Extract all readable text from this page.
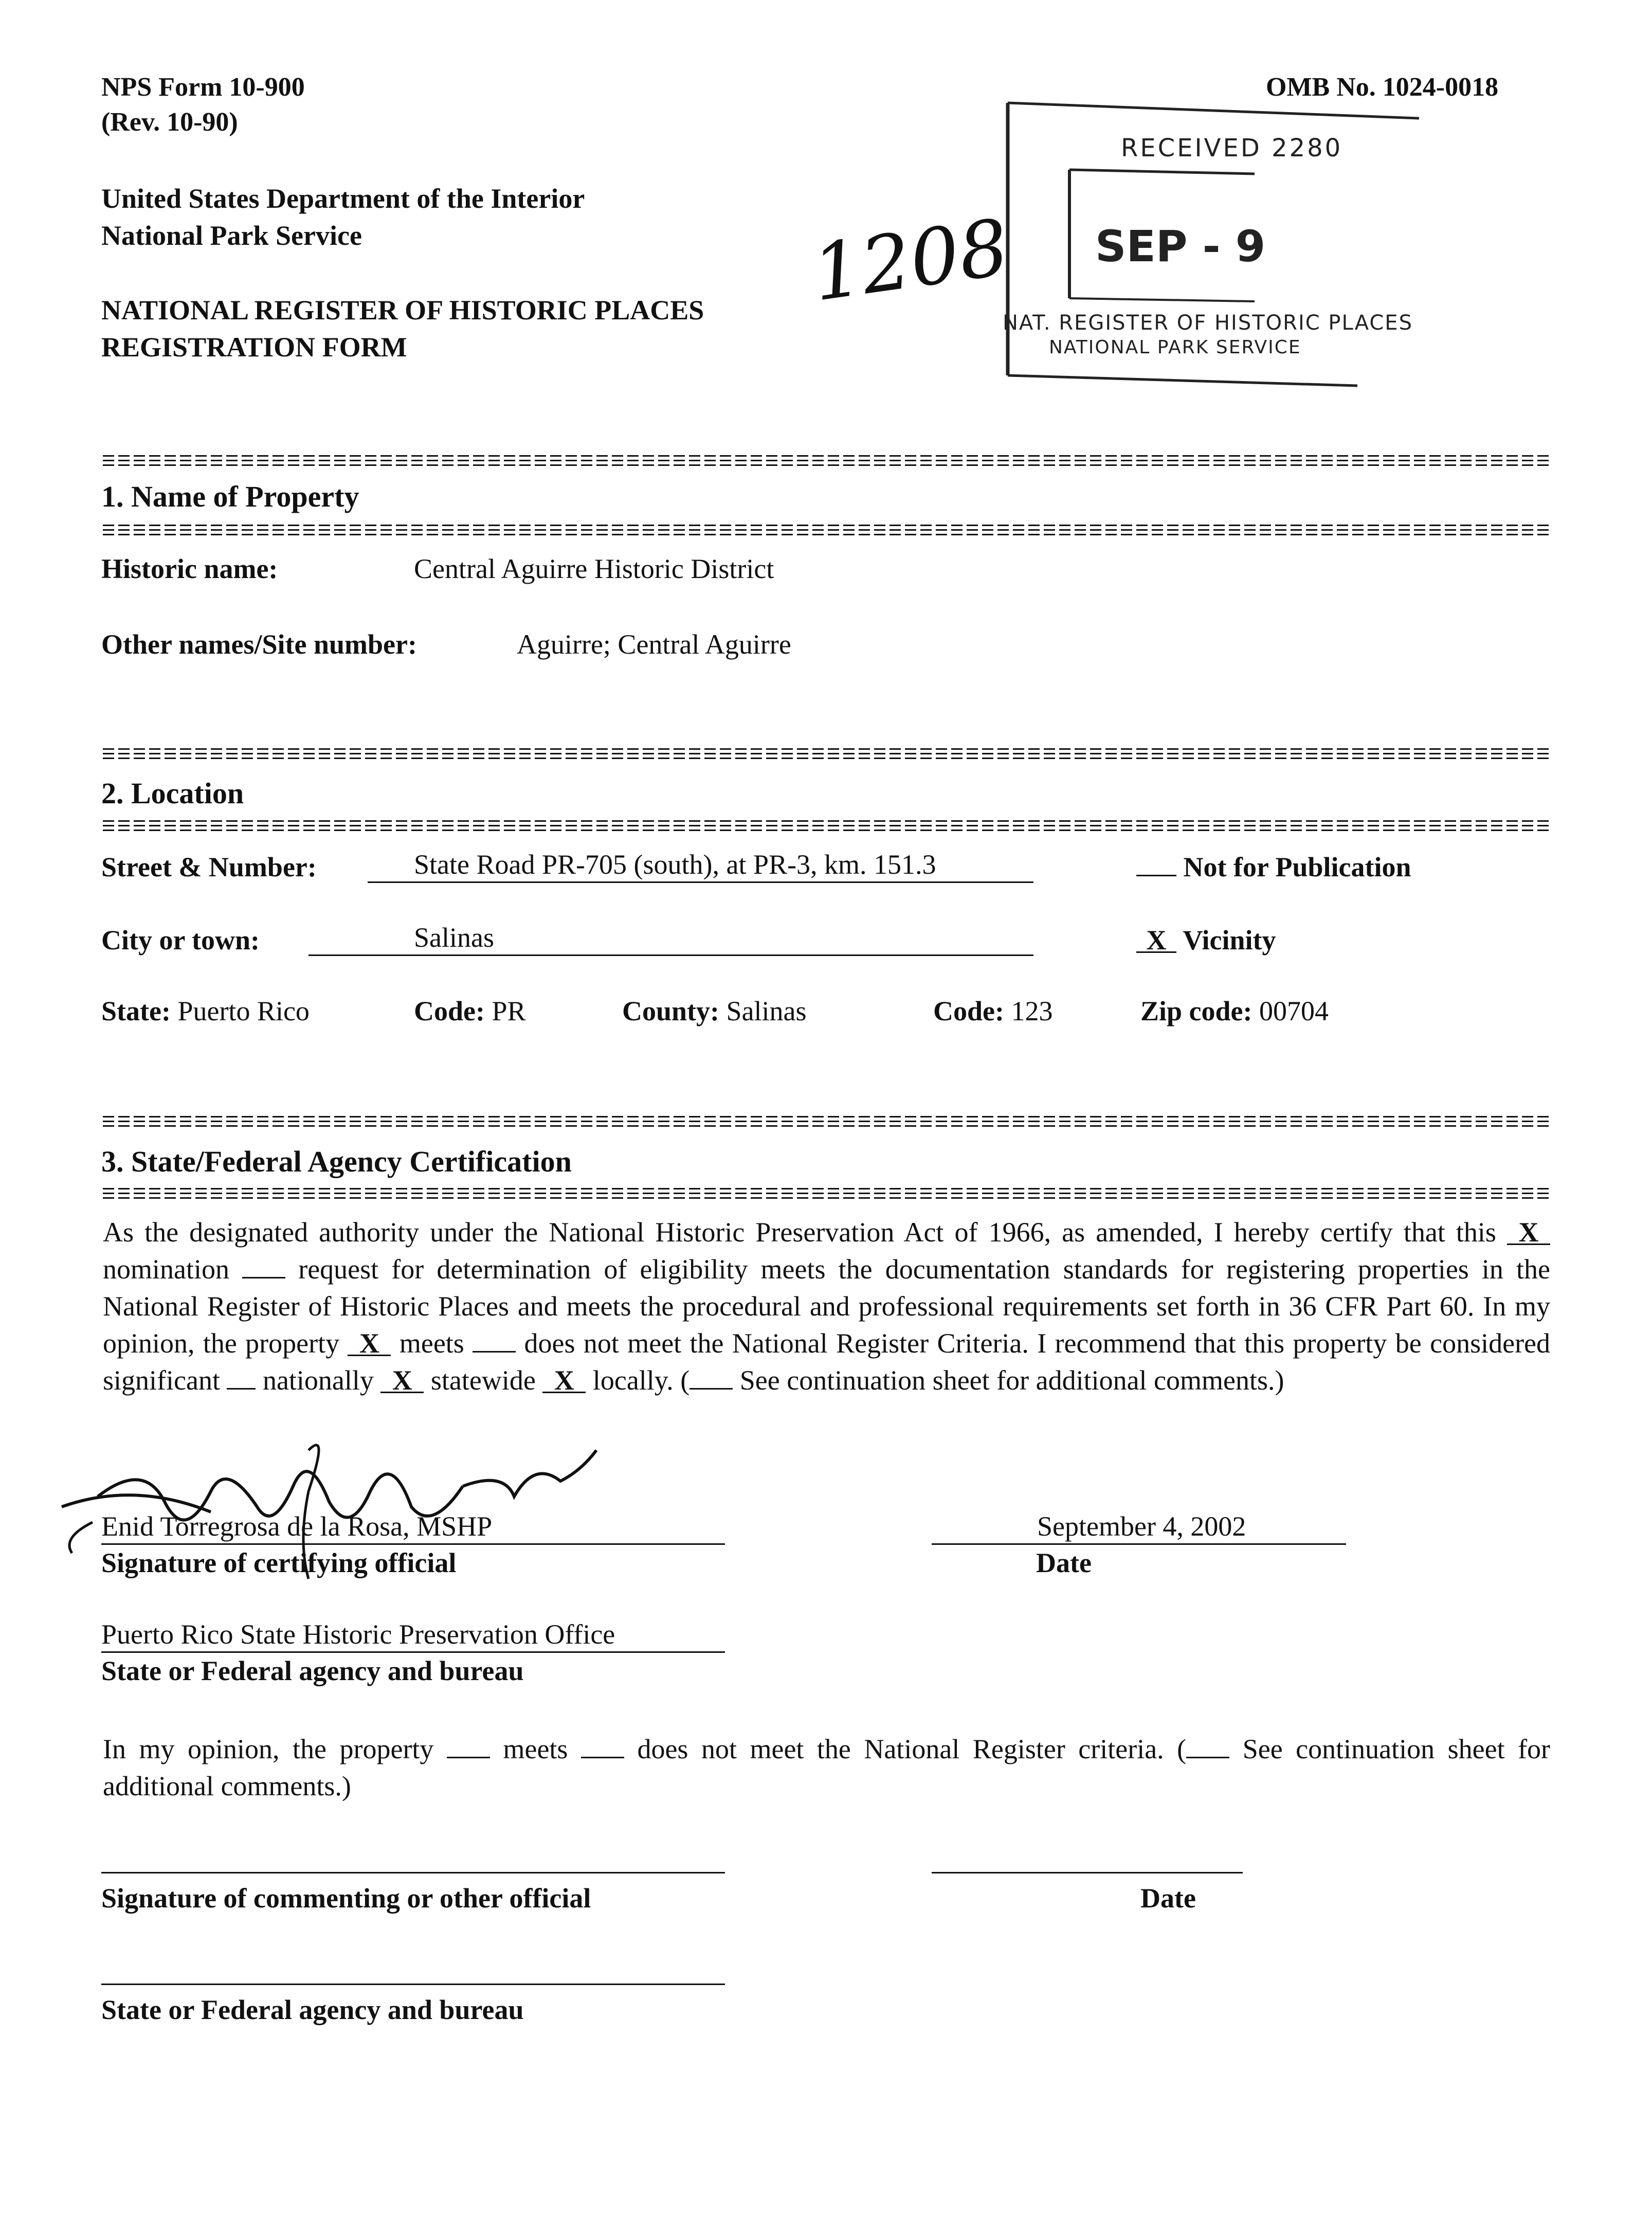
NPS Form 10-900
(Rev. 10-90)
OMB No. 1024-0018
United States Department of the Interior
National Park Service
NATIONAL REGISTER OF HISTORIC PLACES
REGISTRATION FORM
1208
RECEIVED 2280
SEP - 9
NAT. REGISTER OF HISTORIC PLACES
NATIONAL PARK SERVICE
1. Name of Property
Historic name:	Central Aguirre Historic District
Other names/Site number:	Aguirre; Central Aguirre
2. Location
Street & Number:	State Road PR-705 (south), at PR-3, km. 151.3	Not for Publication
City or town:	Salinas	X Vicinity
State: Puerto Rico	Code: PR	County: Salinas	Code: 123	Zip code: 00704
3. State/Federal Agency Certification
As the designated authority under the National Historic Preservation Act of 1966, as amended, I hereby certify that this X nomination request for determination of eligibility meets the documentation standards for registering properties in the National Register of Historic Places and meets the procedural and professional requirements set forth in 36 CFR Part 60. In my opinion, the property X meets does not meet the National Register Criteria. I recommend that this property be considered significant nationally X statewide X locally. ( See continuation sheet for additional comments.)
Enid Torregrosa de la Rosa, MSHP
Signature of certifying official
September 4, 2002
Date
Puerto Rico State Historic Preservation Office
State or Federal agency and bureau
In my opinion, the property	meets	does not meet the National Register criteria. ( See continuation sheet for additional comments.)
Signature of commenting or other official	Date
State or Federal agency and bureau
